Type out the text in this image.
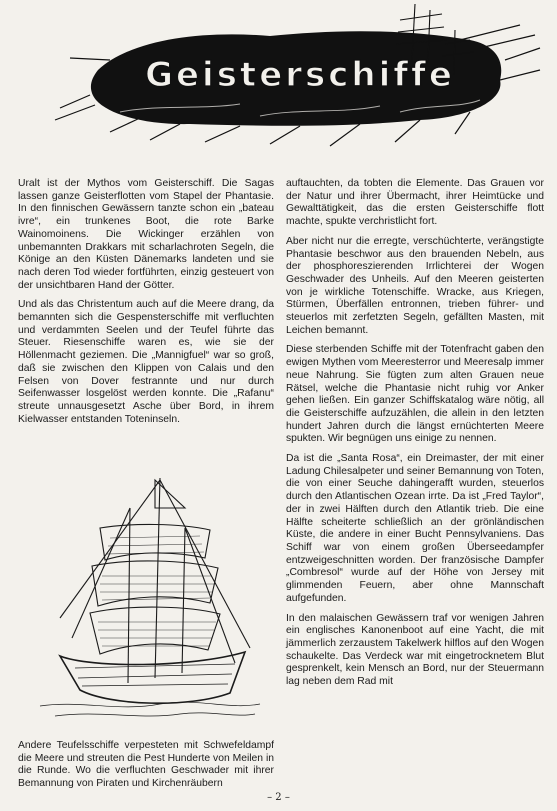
Geisterschiffe

Uralt ist der Mythos vom Geisterschiff. Die Sagas lassen ganze Geisterflotten vom Stapel der Phantasie. In den finnischen Gewässern tanzte schon ein „bateau ivre“, ein trunkenes Boot, die rote Barke Wainomoinens. Die Wickinger erzählen von unbemannten Drakkars mit scharlachroten Segeln, die Könige an den Küsten Dänemarks landeten und sie nach deren Tod wieder fortführten, einzig gesteuert von der unsichtbaren Hand der Götter.

Und als das Christentum auch auf die Meere drang, da bemannten sich die Gespensterschiffe mit verfluchten und verdammten Seelen und der Teufel führte das Steuer. Riesenschiffe waren es, wie sie der Höllenmacht geziemen. Die „Mannigfuel“ war so groß, daß sie zwischen den Klippen von Calais und den Felsen von Dover festrannte und nur durch Seifenwasser losgelöst werden konnte. Die „Rafanu“ streute unnausgesetzt Asche über Bord, in ihrem Kielwasser entstanden Toteninseln.

Andere Teufelsschiffe verpesteten mit Schwefeldampf die Meere und streuten die Pest Hunderte von Meilen in die Runde. Wo die verfluchten Geschwader mit ihrer Bemannung von Piraten und Kirchenräubern

auftauchten, da tobten die Elemente. Das Grauen vor der Natur und ihrer Übermacht, ihrer Heimtücke und Gewalttätigkeit, das die ersten Geisterschiffe flott machte, spukte verchristlicht fort.

Aber nicht nur die erregte, verschüchterte, verängstigte Phantasie beschwor aus den brauenden Nebeln, aus der phosphoreszierenden Irrlichterei der Wogen Geschwader des Unheils. Auf den Meeren geisterten von je wirkliche Totenschiffe. Wracke, aus Kriegen, Stürmen, Überfällen entronnen, trieben führer- und steuerlos mit zerfetzten Segeln, gefällten Masten, mit Leichen bemannt.

Diese sterbenden Schiffe mit der Totenfracht gaben den ewigen Mythen vom Meeresterror und Meeresalp immer neue Nahrung. Sie fügten zum alten Grauen neue Rätsel, welche die Phantasie nicht ruhig vor Anker gehen ließen. Ein ganzer Schiffskatalog wäre nötig, all die Geisterschiffe aufzuzählen, die allein in den letzten hundert Jahren durch die längst ernüchterten Meere spukten. Wir begnügen uns einige zu nennen.

Da ist die „Santa Rosa“, ein Dreimaster, der mit einer Ladung Chilesalpeter und seiner Bemannung von Toten, die von einer Seuche dahingerafft wurden, steuerlos durch den Atlantischen Ozean irrte. Da ist „Fred Taylor“, der in zwei Hälften durch den Atlantik trieb. Die eine Hälfte scheiterte schließlich an der grönländischen Küste, die andere in einer Bucht Pennsylvaniens. Das Schiff war von einem großen Überseedampfer entzweigeschnitten worden. Der französische Dampfer „Combresol“ wurde auf der Höhe von Jersey mit glimmenden Feuern, aber ohne Mannschaft aufgefunden.

In den malaischen Gewässern traf vor wenigen Jahren ein englisches Kanonenboot auf eine Yacht, die mit jämmerlich zerzaustem Takelwerk hilflos auf den Wogen schaukelte. Das Verdeck war mit eingetrocknetem Blut gesprenkelt, kein Mensch an Bord, nur der Steuermann lag neben dem Rad mit

– 2 –
